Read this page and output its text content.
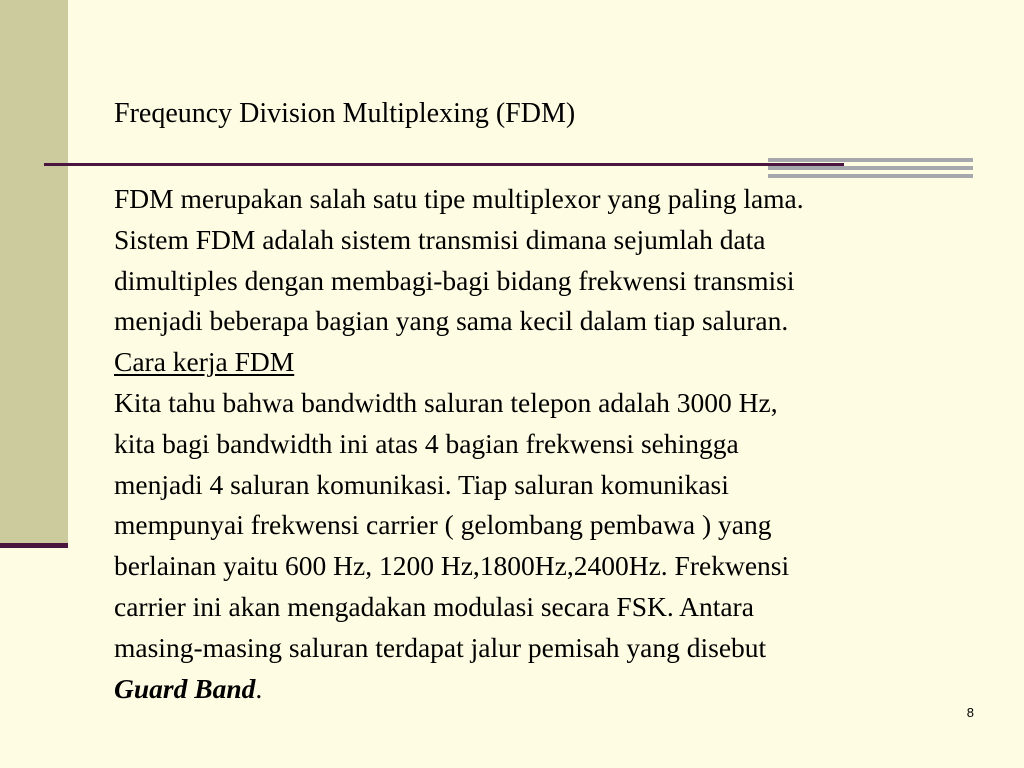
Freqeuncy Division Multiplexing (FDM)
FDM merupakan salah satu tipe multiplexor yang paling lama.
Sistem FDM adalah sistem transmisi dimana sejumlah data
dimultiples dengan membagi-bagi bidang frekwensi transmisi
menjadi beberapa bagian yang sama kecil dalam tiap saluran.
Cara kerja FDM
Kita tahu bahwa bandwidth saluran telepon adalah 3000 Hz,
kita bagi bandwidth ini atas 4 bagian frekwensi sehingga
menjadi 4 saluran komunikasi. Tiap saluran komunikasi
mempunyai frekwensi carrier ( gelombang pembawa ) yang
berlainan yaitu 600 Hz, 1200 Hz,1800Hz,2400Hz. Frekwensi
carrier ini akan mengadakan modulasi secara FSK. Antara
masing-masing saluran terdapat jalur pemisah yang disebut
Guard Band.
8
